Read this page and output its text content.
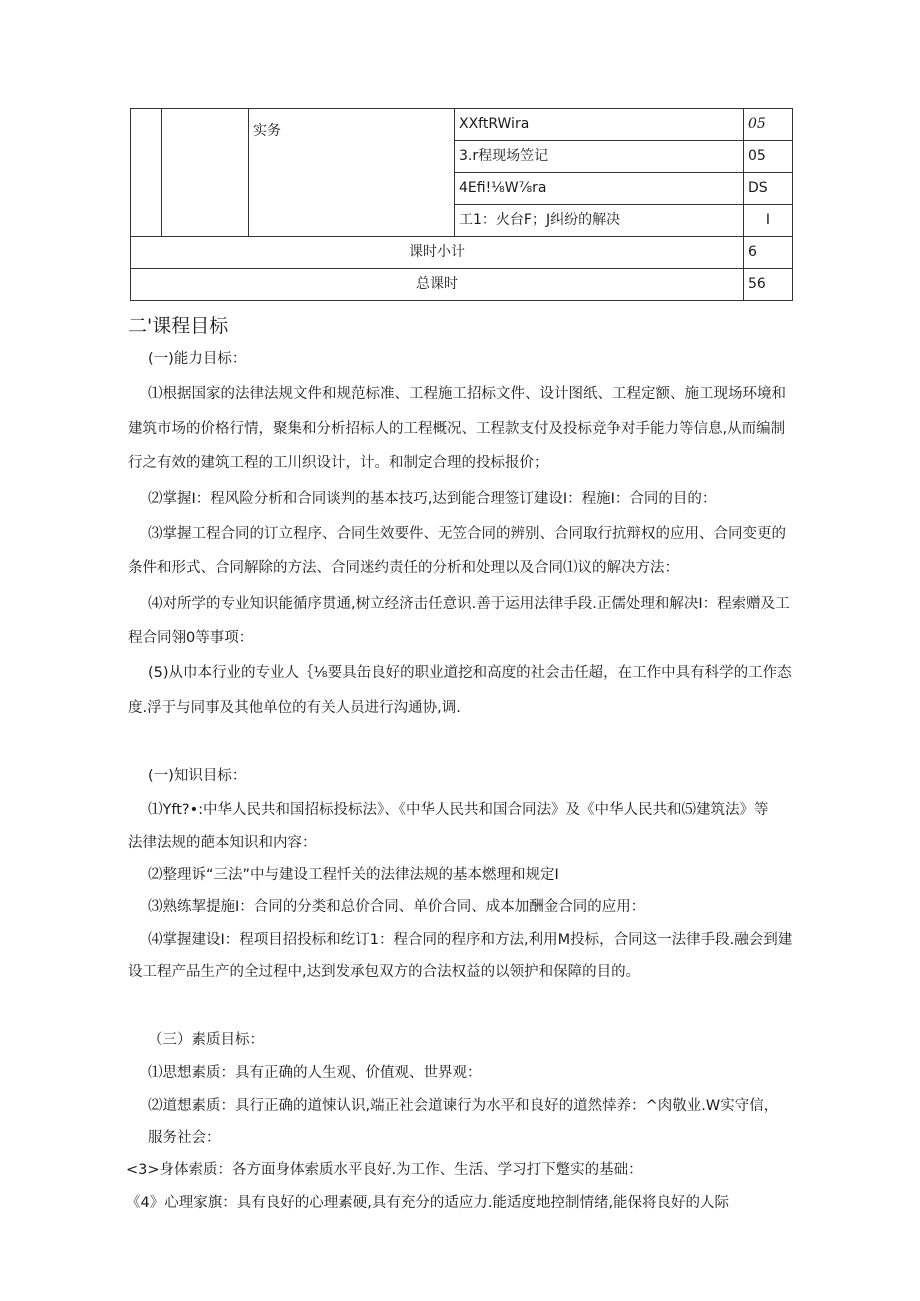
		实务	XXftRWira	05
			3.r程现场笠记	05
			4Efi!⅛W⅞ra	DS
			工1：火台F；J纠纷的解决	I
课时小计				6
总课时				56
二'课程目标
(一)能力目标：
⑴根据国家的法律法规文件和规范标准、工程施工招标文件、设计图纸、工程定额、施工现场环境和
建筑市场的价格行情，聚集和分析招标人的工程概况、工程款支付及投标竞争对手能力等信息,从而编制
行之有效的建筑工程的工川织设计，计。和制定合理的投标报价；
⑵掌握I：程风险分析和合同谈判的基本技巧,达到能合理签订建设I：程施I：合同的目的：
⑶掌握工程合同的订立程序、合同生效要件、无笠合同的辨别、合同取行抗辩权的应用、合同变更的
条件和形式、合同解除的方法、合同迷约责任的分析和处理以及合同⑴议的解决方法：
⑷对所学的专业知识能循序贯通,树立经济击任意识.善于运用法律手段.正儒处理和解决I：程索赠及工
程合同翎0等事项：
(5)从巾本行业的专业人｛⅛要具缶良好的职业道挖和高度的社会击任超，在工作中具有科学的工作态
度.浮于与同事及其他单位的有关人员进行沟通协,调.
(一)知识目标：
⑴Yft?•:中华人民共和国招标投标法》、《中华人民共和国合同法》及《中华人民共和⑸建筑法》等
法律法规的葩本知识和内容：
⑵整理诉“三法”中与建设工程忏关的法律法规的基本燃理和规定I
⑶熟练挈提施I：合同的分类和总价合同、单价合同、成本加酬金合同的应用：
⑷掌握建设I：程项目招投标和纥订1：程合同的程序和方法,利用M投标，合同这一法律手段.融会到建
设工程产品生产的全过程中,达到发承包双方的合法权益的以领护和保障的目的。
（三）素质目标：
⑴思想素质：具有正确的人生观、价值观、世界观：
⑵道想素质：具行正确的道悚认识,端正社会道谏行为水平和良好的道然悻养：^肉敬业.W实守信，
服务社会：
<3>身体索质：各方面身体索质水平良好.为工作、生活、学习打下蹩实的基础：
《4》心理家旗：具有良好的心理素硬,具有充分的适应力.能适度地控制情绪,能保将良好的人际
